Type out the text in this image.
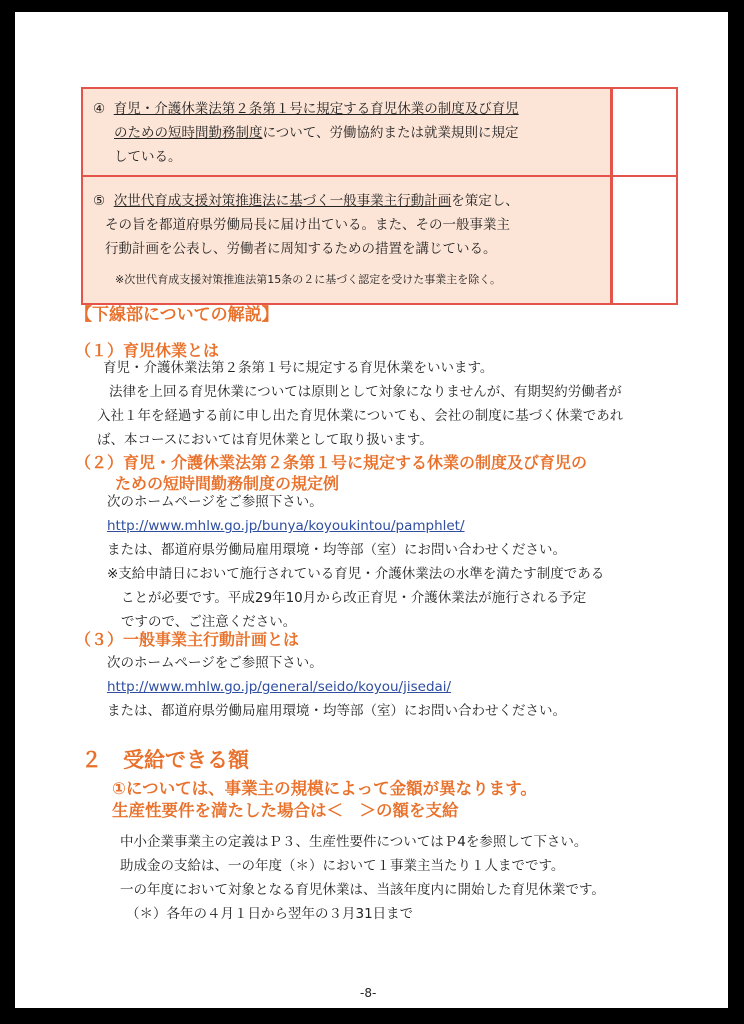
④ 育児・介護休業法第２条第１号に規定する育児休業の制度及び育児
のための短時間勤務制度について、労働協約または就業規則に規定
している。
⑤ 次世代育成支援対策推進法に基づく一般事業主行動計画を策定し、
その旨を都道府県労働局長に届け出ている。また、その一般事業主
行動計画を公表し、労働者に周知するための措置を講じている。
※次世代育成支援対策推進法第15条の２に基づく認定を受けた事業主を除く。
【下線部についての解説】
（１）育児休業とは
育児・介護休業法第２条第１号に規定する育児休業をいいます。
法律を上回る育児休業については原則として対象になりませんが、有期契約労働者が
入社１年を経過する前に申し出た育児休業についても、会社の制度に基づく休業であれ
ば、本コースにおいては育児休業として取り扱います。
（２）育児・介護休業法第２条第１号に規定する休業の制度及び育児の
ための短時間勤務制度の規定例
次のホームページをご参照下さい。
http://www.mhlw.go.jp/bunya/koyoukintou/pamphlet/
または、都道府県労働局雇用環境・均等部（室）にお問い合わせください。
※支給申請日において施行されている育児・介護休業法の水準を満たす制度である
ことが必要です。平成29年10月から改正育児・介護休業法が施行される予定
ですので、ご注意ください。
（３）一般事業主行動計画とは
次のホームページをご参照下さい。
http://www.mhlw.go.jp/general/seido/koyou/jisedai/
または、都道府県労働局雇用環境・均等部（室）にお問い合わせください。
２　受給できる額
①については、事業主の規模によって金額が異なります。
生産性要件を満たした場合は＜　＞の額を支給
中小企業事業主の定義はＰ３、生産性要件についてはＰ4を参照して下さい。
助成金の支給は、一の年度（＊）において１事業主当たり１人までです。
一の年度において対象となる育児休業は、当該年度内に開始した育児休業です。
（＊）各年の４月１日から翌年の３月31日まで
-8-
